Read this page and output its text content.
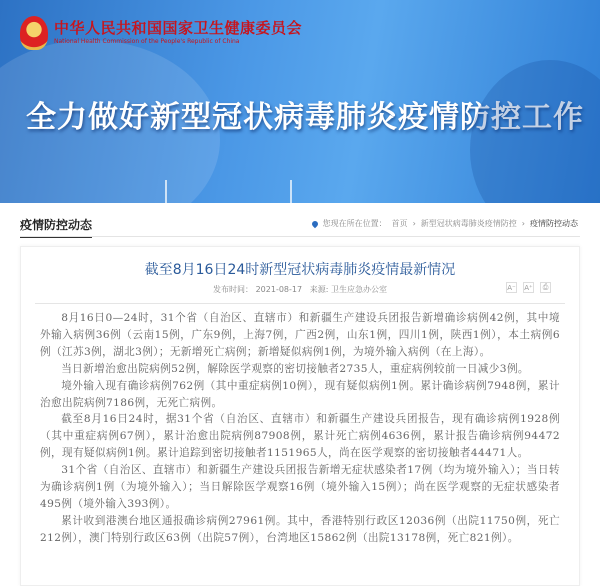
中华人民共和国国家卫生健康委员会
National Health Commission of the People's Republic of China
全力做好新型冠状病毒肺炎疫情防控工作
疫情防控动态	您现在所在位置： 首页 › 新型冠状病毒肺炎疫情防控 › 疫情防控动态
截至8月16日24时新型冠状病毒肺炎疫情最新情况
发布时间： 2021-08-17 来源: 卫生应急办公室	A⁻ A⁺	⎙

8月16日0—24时，31个省（自治区、直辖市）和新疆生产建设兵团报告新增确诊病例42例，其中境外输入病例36例（云南15例，广东9例，上海7例，广西2例，山东1例，四川1例，陕西1例），本土病例6例（江苏3例，湖北3例）；无新增死亡病例；新增疑似病例1例，为境外输入病例（在上海）。

当日新增治愈出院病例52例，解除医学观察的密切接触者2735人，重症病例较前一日减少3例。

境外输入现有确诊病例762例（其中重症病例10例），现有疑似病例1例。累计确诊病例7948例，累计治愈出院病例7186例，无死亡病例。

截至8月16日24时，据31个省（自治区、直辖市）和新疆生产建设兵团报告，现有确诊病例1928例（其中重症病例67例），累计治愈出院病例87908例，累计死亡病例4636例，累计报告确诊病例94472例，现有疑似病例1例。累计追踪到密切接触者1151965人，尚在医学观察的密切接触者44471人。

31个省（自治区、直辖市）和新疆生产建设兵团报告新增无症状感染者17例（均为境外输入）；当日转为确诊病例1例（为境外输入）；当日解除医学观察16例（境外输入15例）；尚在医学观察的无症状感染者495例（境外输入393例）。

累计收到港澳台地区通报确诊病例27961例。其中，香港特别行政区12036例（出院11750例，死亡212例），澳门特别行政区63例（出院57例），台湾地区15862例（出院13178例，死亡821例）。
